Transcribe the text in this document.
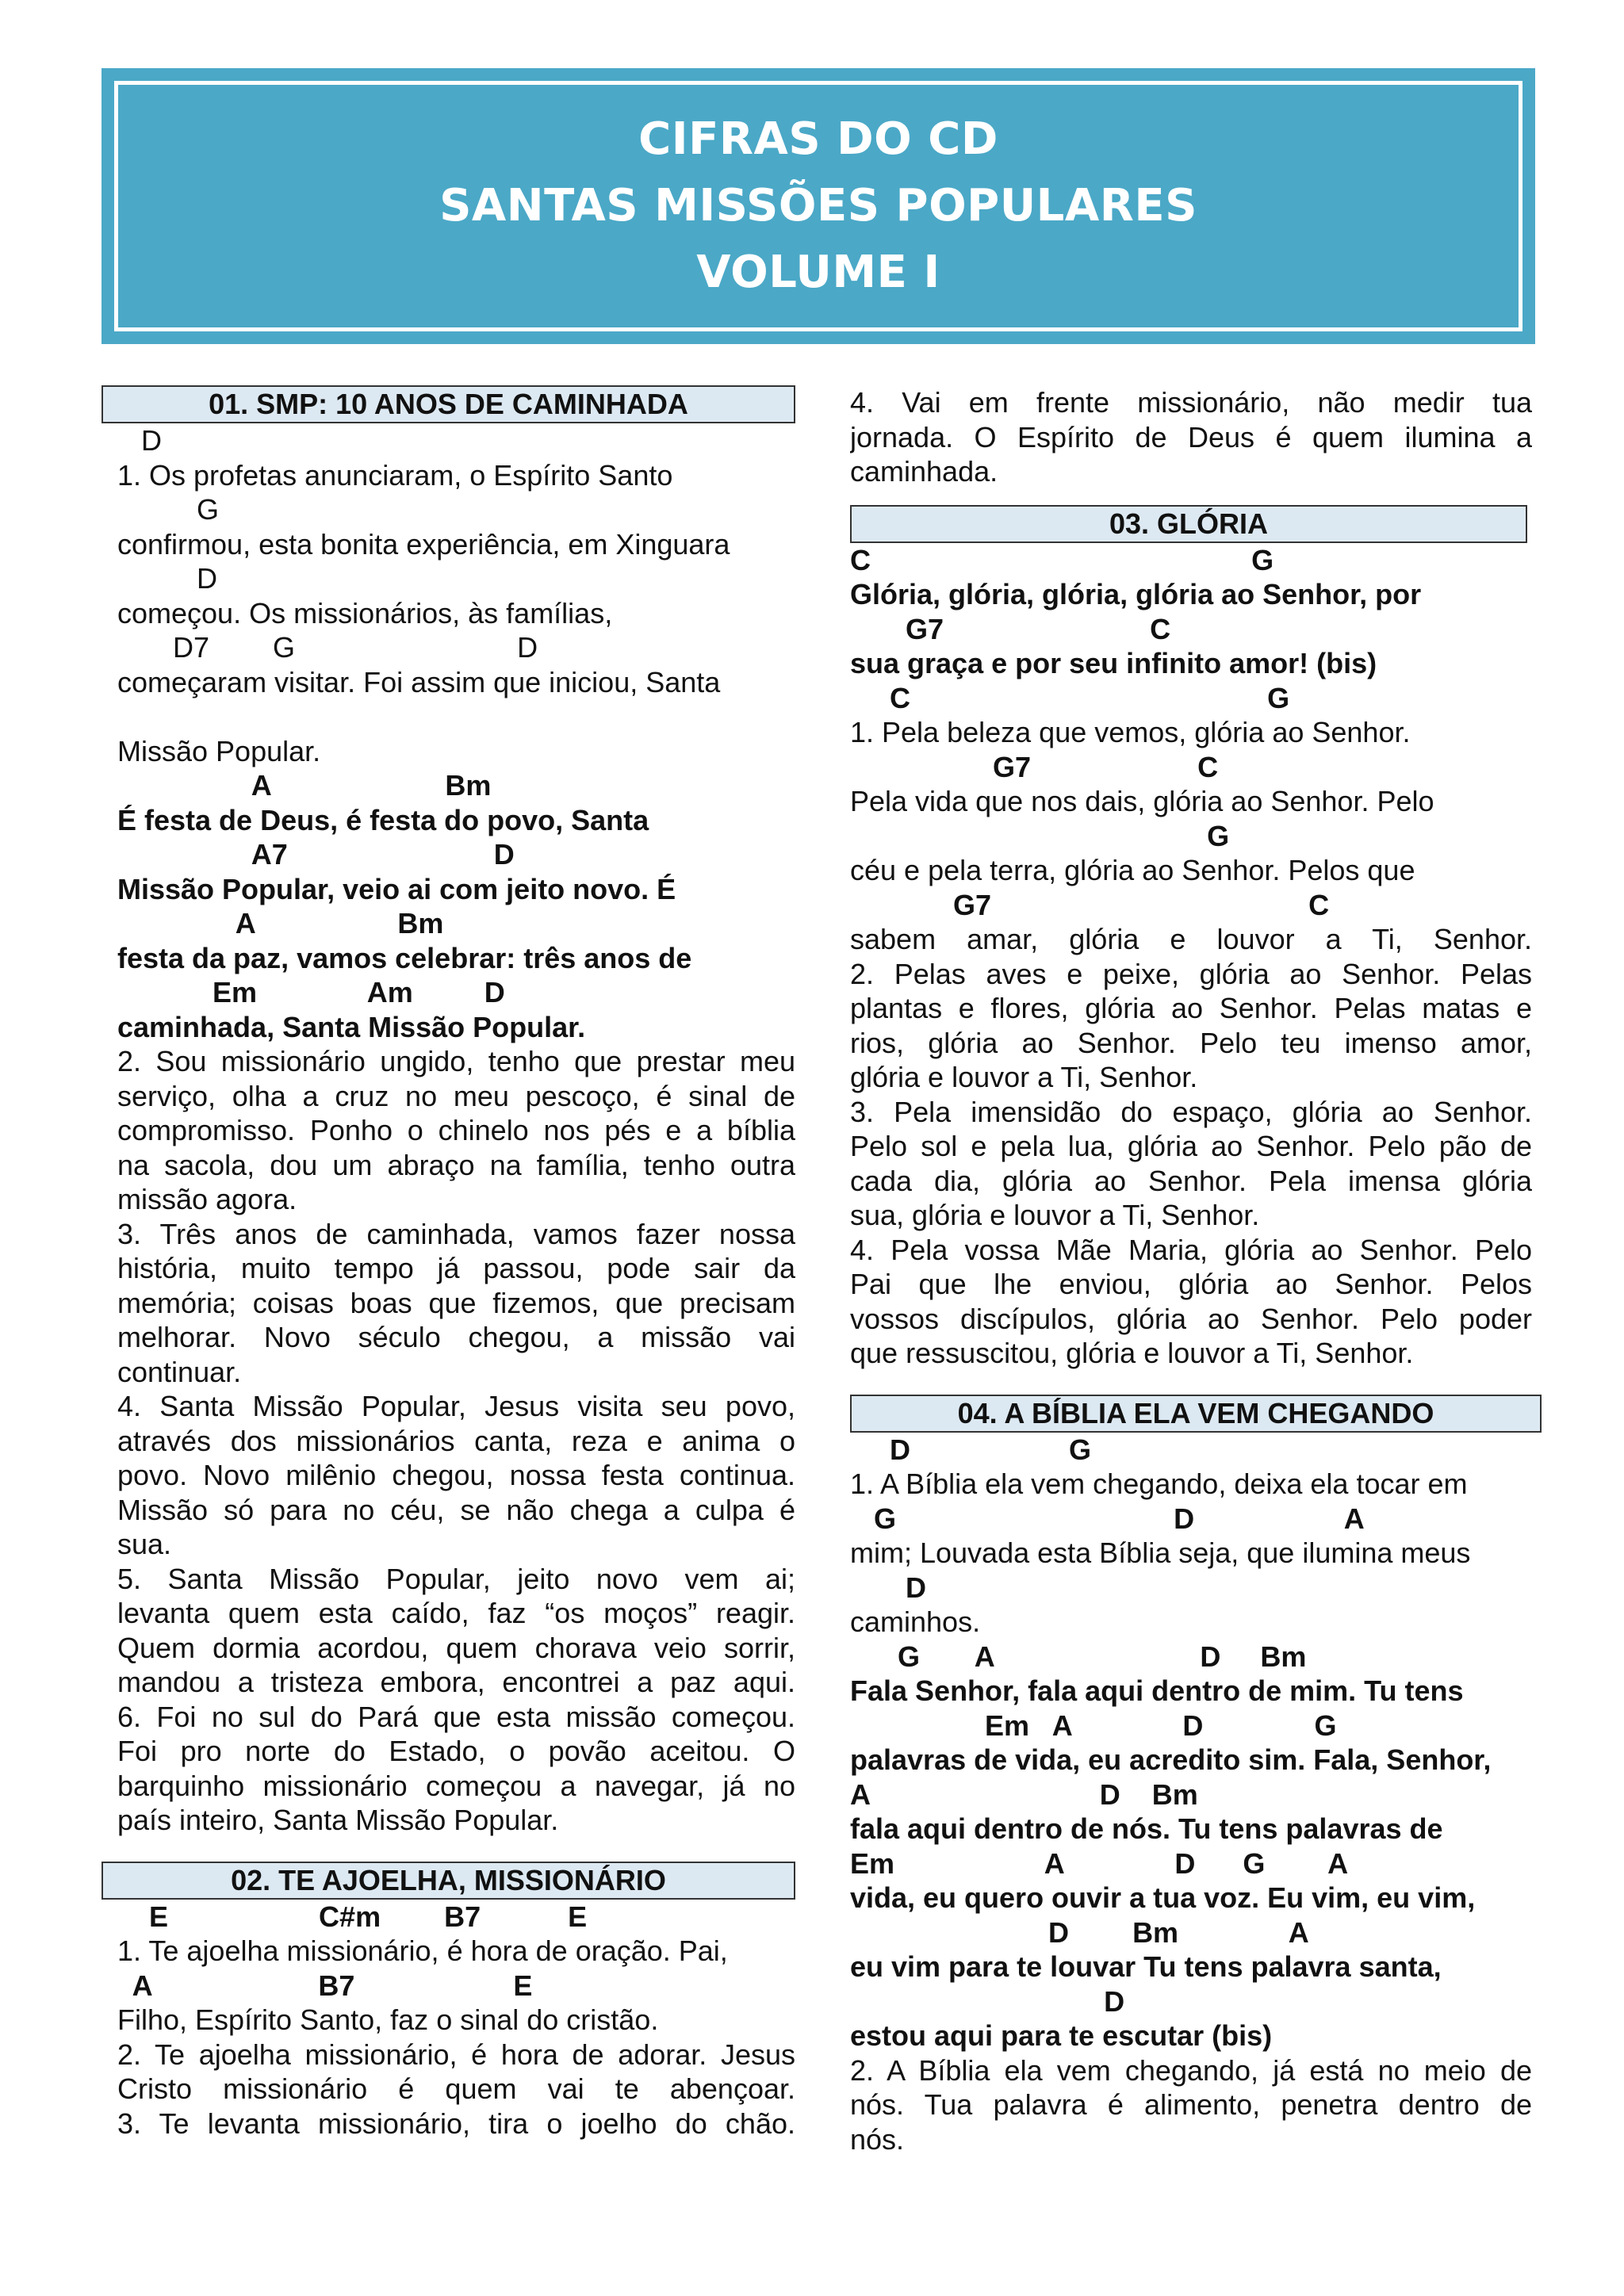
CIFRAS DO CD
SANTAS MISSÕES POPULARES
VOLUME I
01. SMP: 10 ANOS DE CAMINHADA
D
1. Os profetas anunciaram, o Espírito Santo
G
confirmou, esta bonita experiência, em Xinguara
D
começou. Os missionários, às famílias,
D7        G                            D
começaram visitar. Foi assim que iniciou, Santa
Missão Popular.
A                      Bm
É festa de Deus, é festa do povo, Santa
A7                          D
Missão Popular, veio ai com jeito novo. É
A                  Bm
festa da paz, vamos celebrar: três anos de
Em              Am         D
caminhada, Santa Missão Popular.
2. Sou missionário ungido, tenho que prestar meu
serviço, olha a cruz no meu pescoço, é sinal de
compromisso. Ponho o chinelo nos pés e a bíblia
na sacola, dou um abraço na família, tenho outra
missão agora.
3. Três anos de caminhada, vamos fazer nossa
história, muito tempo já passou, pode sair da
memória; coisas boas que fizemos, que precisam
melhorar. Novo século chegou, a missão vai
continuar.
4. Santa Missão Popular, Jesus visita seu povo,
através dos missionários canta, reza e anima o
povo. Novo milênio chegou, nossa festa continua.
Missão só para no céu, se não chega a culpa é
sua.
5. Santa Missão Popular, jeito novo vem ai;
levanta quem esta caído, faz “os moços” reagir.
Quem dormia acordou, quem chorava veio sorrir,
mandou a tristeza embora, encontrei a paz aqui.
6. Foi no sul do Pará que esta missão começou.
Foi pro norte do Estado, o povão aceitou. O
barquinho missionário começou a navegar, já no
país inteiro, Santa Missão Popular.
02. TE AJOELHA, MISSIONÁRIO
E                   C#m        B7           E
1. Te ajoelha missionário, é hora de oração. Pai,
A                     B7                    E
Filho, Espírito Santo, faz o sinal do cristão.
2. Te ajoelha missionário, é hora de adorar. Jesus
Cristo missionário é quem vai te abençoar.
3. Te levanta missionário, tira o joelho do chão.
4. Vai em frente missionário, não medir tua
jornada. O Espírito de Deus é quem ilumina a
caminhada.
03. GLÓRIA
C                                                G
Glória, glória, glória, glória ao Senhor, por
G7                          C
sua graça e por seu infinito amor! (bis)
C                                             G
1. Pela beleza que vemos, glória ao Senhor.
G7                     C
Pela vida que nos dais, glória ao Senhor. Pelo
G
céu e pela terra, glória ao Senhor. Pelos que
G7                                        C
sabem amar, glória e louvor a Ti, Senhor.
2. Pelas aves e peixe, glória ao Senhor. Pelas
plantas e flores, glória ao Senhor. Pelas matas e
rios, glória ao Senhor. Pelo teu imenso amor,
glória e louvor a Ti, Senhor.
3. Pela imensidão do espaço, glória ao Senhor.
Pelo sol e pela lua, glória ao Senhor. Pelo pão de
cada dia, glória ao Senhor. Pela imensa glória
sua, glória e louvor a Ti, Senhor.
4. Pela vossa Mãe Maria, glória ao Senhor. Pelo
Pai que lhe enviou, glória ao Senhor. Pelos
vossos discípulos, glória ao Senhor. Pelo poder
que ressuscitou, glória e louvor a Ti, Senhor.
04. A BÍBLIA ELA VEM CHEGANDO
D                    G
1. A Bíblia ela vem chegando, deixa ela tocar em
G                                   D                   A
mim; Louvada esta Bíblia seja, que ilumina meus
D
caminhos.
G       A                          D     Bm
Fala Senhor, fala aqui dentro de mim. Tu tens
Em   A              D              G
palavras de vida, eu acredito sim. Fala, Senhor,
A                             D    Bm
fala aqui dentro de nós. Tu tens palavras de
Em                   A              D      G        A
vida, eu quero ouvir a tua voz. Eu vim, eu vim,
D        Bm              A
eu vim para te louvar Tu tens palavra santa,
D
estou aqui para te escutar (bis)
2. A Bíblia ela vem chegando, já está no meio de
nós. Tua palavra é alimento, penetra dentro de
nós.
